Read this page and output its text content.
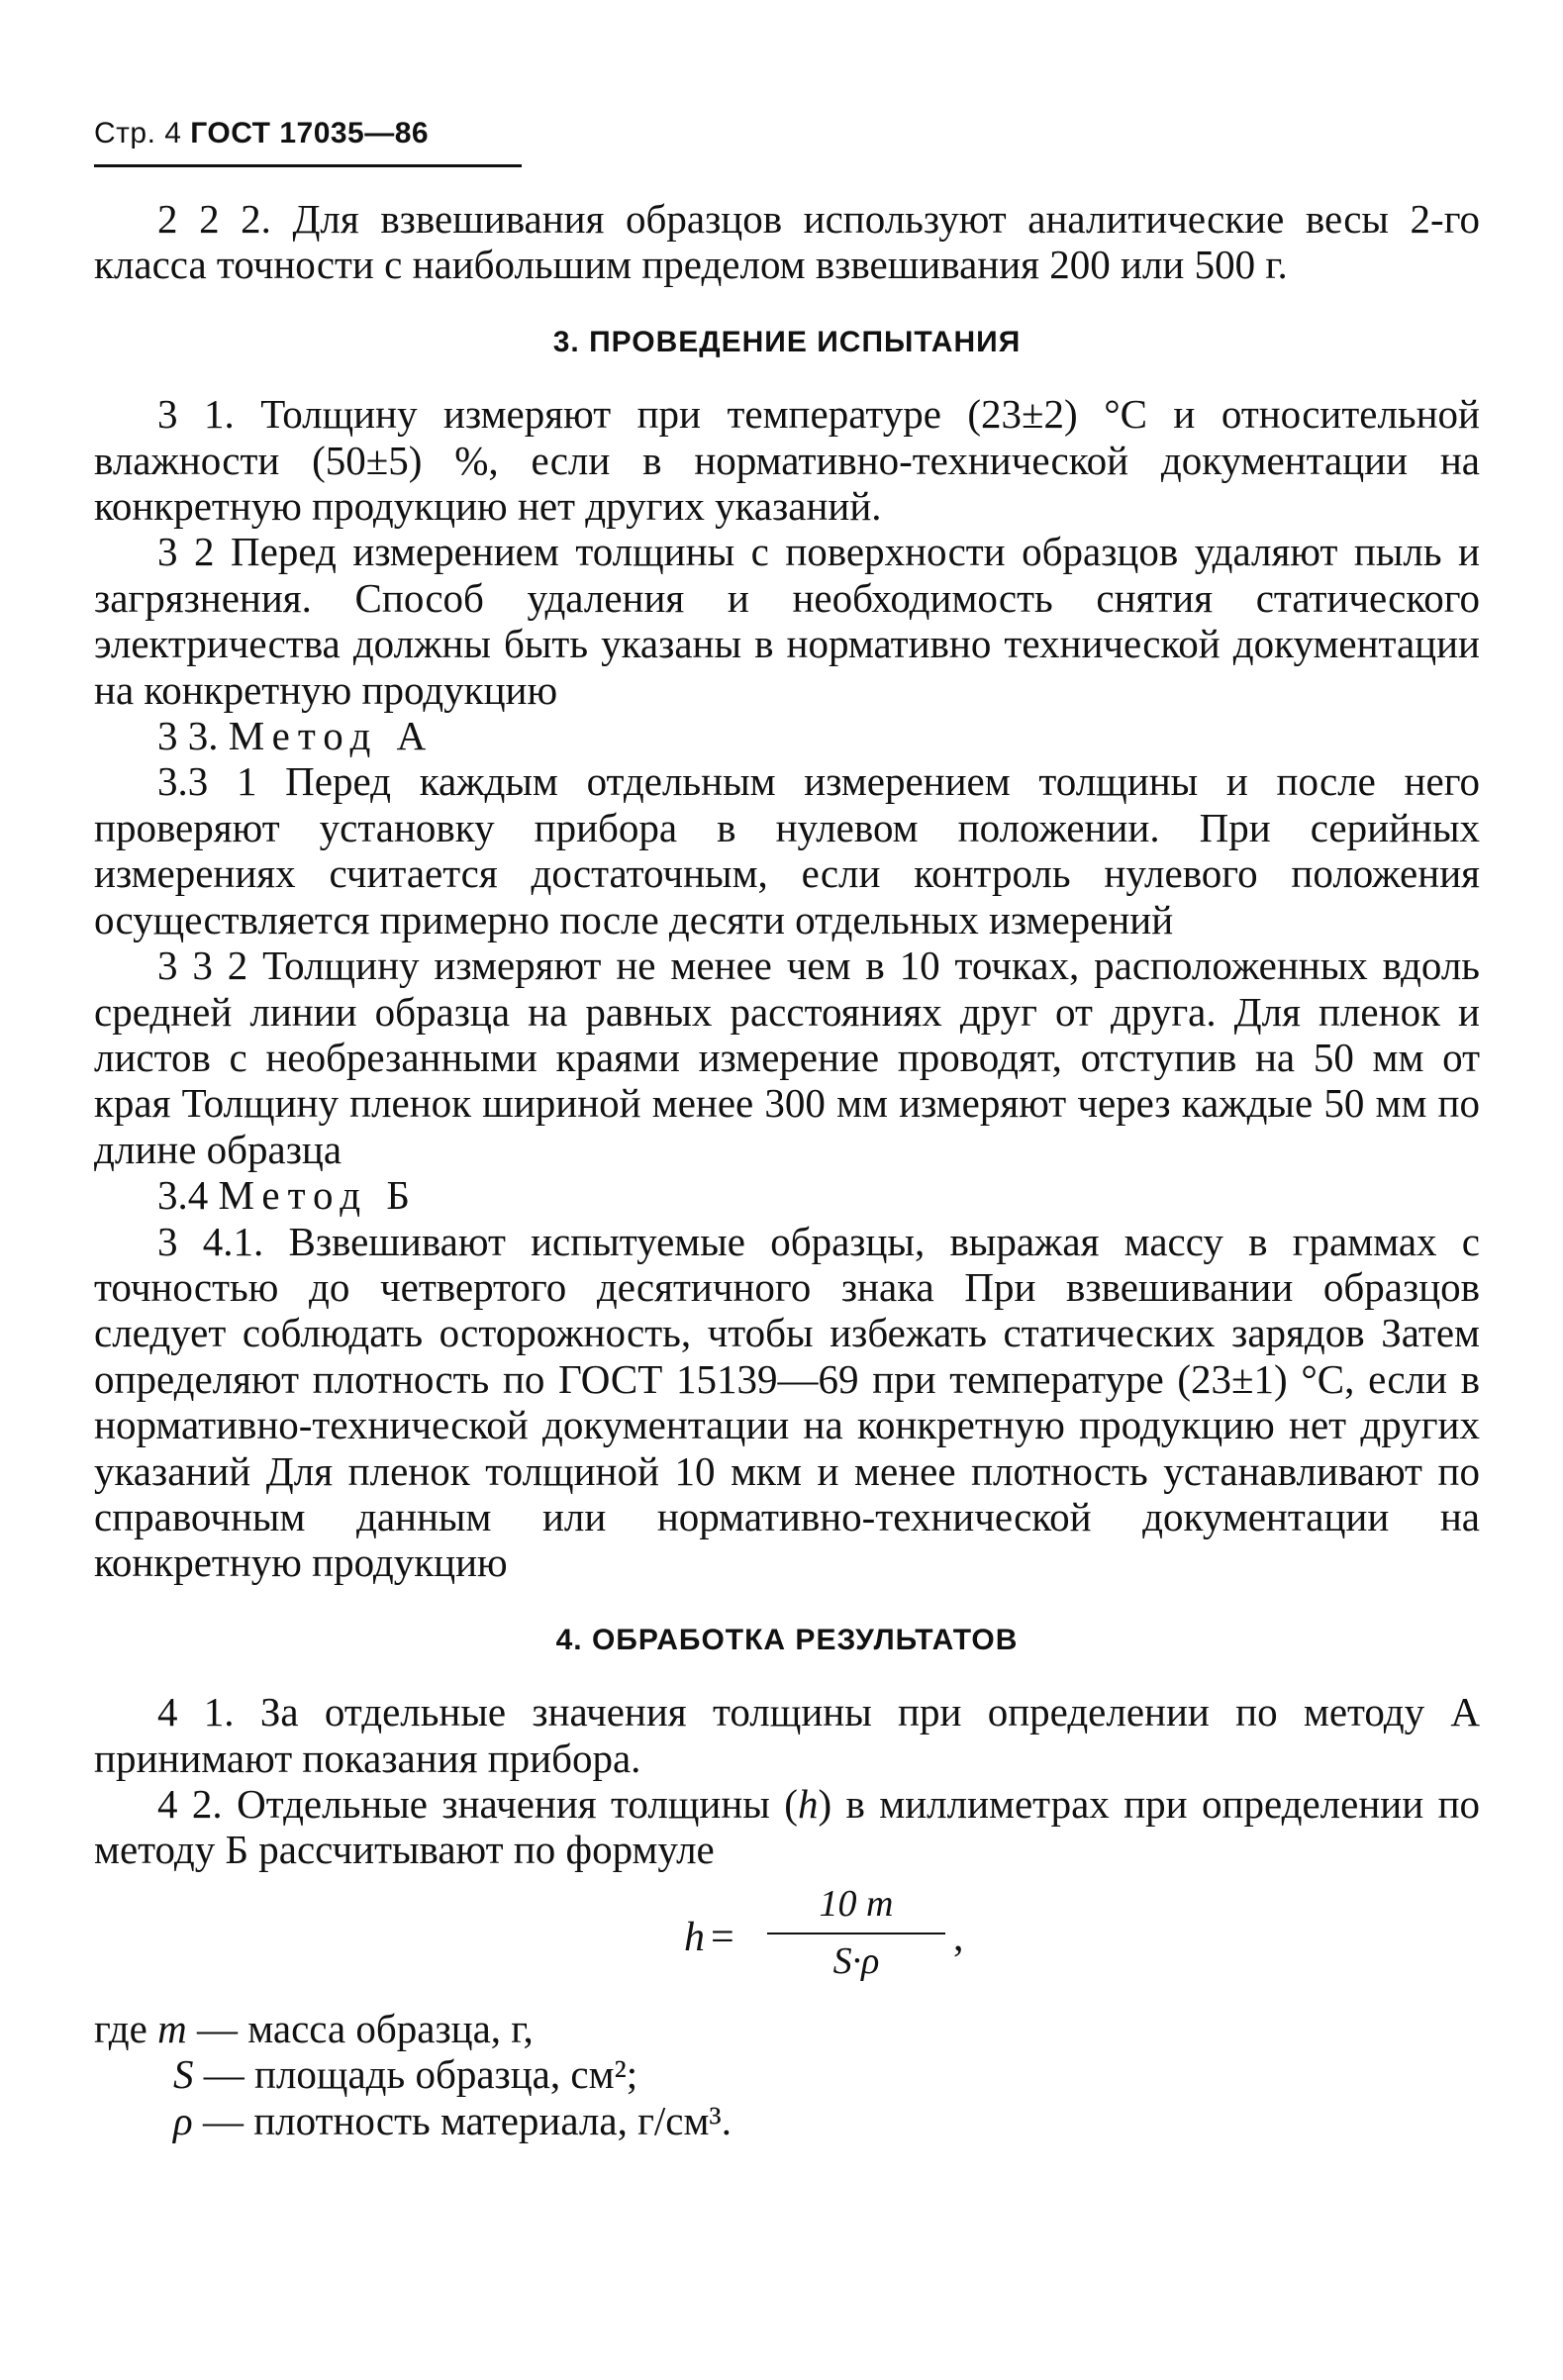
Стр. 4 ГОСТ 17035—86

2 2 2. Для взвешивания образцов используют аналитические весы 2-го класса точности с наибольшим пределом взвешивания 200 или 500 г.

3. ПРОВЕДЕНИЕ ИСПЫТАНИЯ

3 1. Толщину измеряют при температуре (23±2) °С и относительной влажности (50±5) %, если в нормативно-технической документации на конкретную продукцию нет других указаний.

3 2 Перед измерением толщины с поверхности образцов удаляют пыль и загрязнения. Способ удаления и необходимость снятия статического электричества должны быть указаны в нормативно технической документации на конкретную продукцию

3 3. Метод А

3.3 1 Перед каждым отдельным измерением толщины и после него проверяют установку прибора в нулевом положении. При серийных измерениях считается достаточным, если контроль нулевого положения осуществляется примерно после десяти отдельных измерений

3 3 2 Толщину измеряют не менее чем в 10 точках, расположенных вдоль средней линии образца на равных расстояниях друг от друга. Для пленок и листов с необрезанными краями измерение проводят, отступив на 50 мм от края Толщину пленок шириной менее 300 мм измеряют через каждые 50 мм по длине образца

3.4 Метод Б

3 4.1. Взвешивают испытуемые образцы, выражая массу в граммах с точностью до четвертого десятичного знака При взвешивании образцов следует соблюдать осторожность, чтобы избежать статических зарядов Затем определяют плотность по ГОСТ 15139—69 при температуре (23±1) °С, если в нормативно-технической документации на конкретную продукцию нет других указаний Для пленок толщиной 10 мкм и менее плотность устанавливают по справочным данным или нормативно-технической документации на конкретную продукцию

4. ОБРАБОТКА РЕЗУЛЬТАТОВ

4 1. За отдельные значения толщины при определении по методу А принимают показания прибора.

4 2. Отдельные значения толщины (h) в миллиметрах при определении по методу Б рассчитывают по формуле

h =
10 m
S·ρ
,

где m — масса образца, г,

S — площадь образца, см²;

ρ — плотность материала, г/см³.
